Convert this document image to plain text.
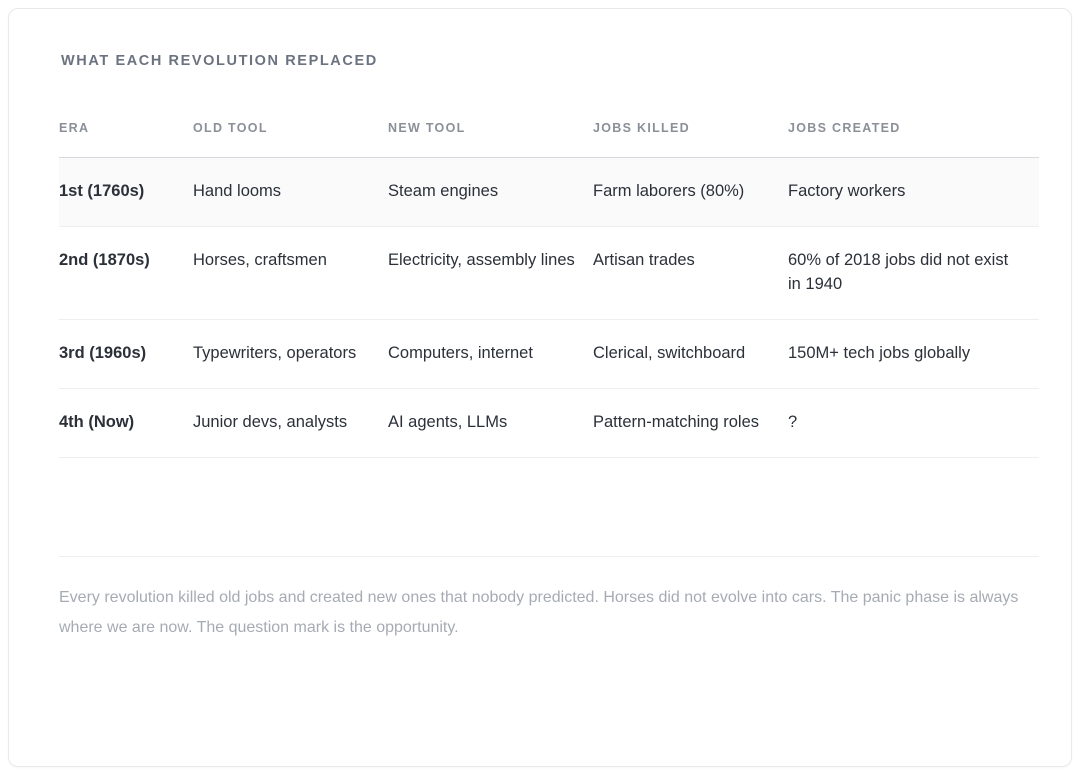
WHAT EACH REVOLUTION REPLACED
ERA	OLD TOOL	NEW TOOL	JOBS KILLED	JOBS CREATED
1st (1760s)	Hand looms	Steam engines	Farm laborers (80%)	Factory workers
2nd (1870s)	Horses, craftsmen	Electricity, assembly lines	Artisan trades	60% of 2018 jobs did not exist in 1940
3rd (1960s)	Typewriters, operators	Computers, internet	Clerical, switchboard	150M+ tech jobs globally
4th (Now)	Junior devs, analysts	AI agents, LLMs	Pattern-matching roles	?

Every revolution killed old jobs and created new ones that nobody predicted. Horses did not evolve into cars. The panic phase is always where we are now. The question mark is the opportunity.
